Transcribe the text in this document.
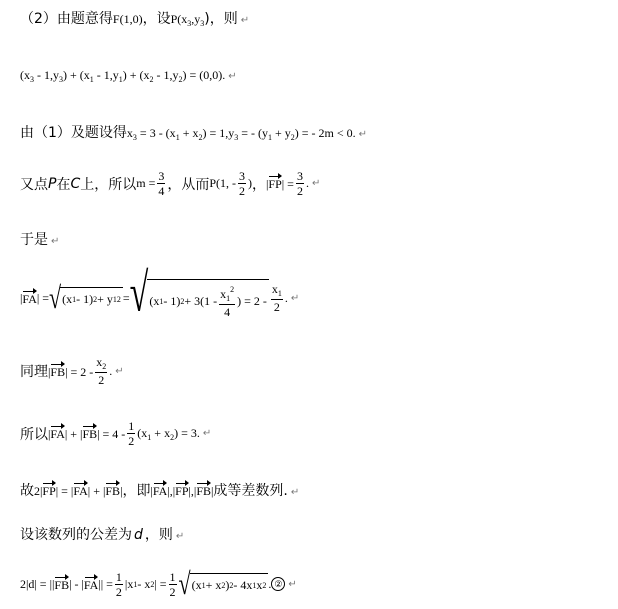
（2）由题意得F(1,0)，设$P(x_3,y_3)$，则 ↵
$(x_3 - 1,y_3) + (x_1 - 1,y_1) + (x_2 - 1,y_2) = (0,0)$. ↵
由（1）及题设得$x_3 = 3 - (x_1 + x_2) = 1,y_3$ = - $(y_1 + y_2)$ = - 2m < 0. ↵
又点 P 在 C 上，所以 $m = \frac{3}{4}$ ，从而 P(1, - $\frac{3}{2}$ ) ， $|FP| = \frac{3}{2}$ . ↵
于是 ↵
| FA | = √ (x 1 - 1) 2 + y 1 2 = √ (x 1 - 1) $2 + 3(1 - \frac{x_1^2}{4}$ ) = $2 - \frac{x_1}{2}$ . ↵
同理 $|FB| = 2 - \frac{x_2}{2}$ . ↵
所以 $|FA| + |FB| = 4 - \frac{1}{2} (x_1 + x_2) = 3$. ↵
故2|FP| = |FA| + |FB|，即|FA|,|FP|,|FB|成等差数列. ↵
设该数列的公差为 d ，则 ↵
2|d| = || FB | - | FA || = $\frac{1}{2} |x$ 1 - x 2 | = $\frac{1}{2}$ √ (x 1 + x 2 ) 2 - 4x 1 x 2 . ② ↵
